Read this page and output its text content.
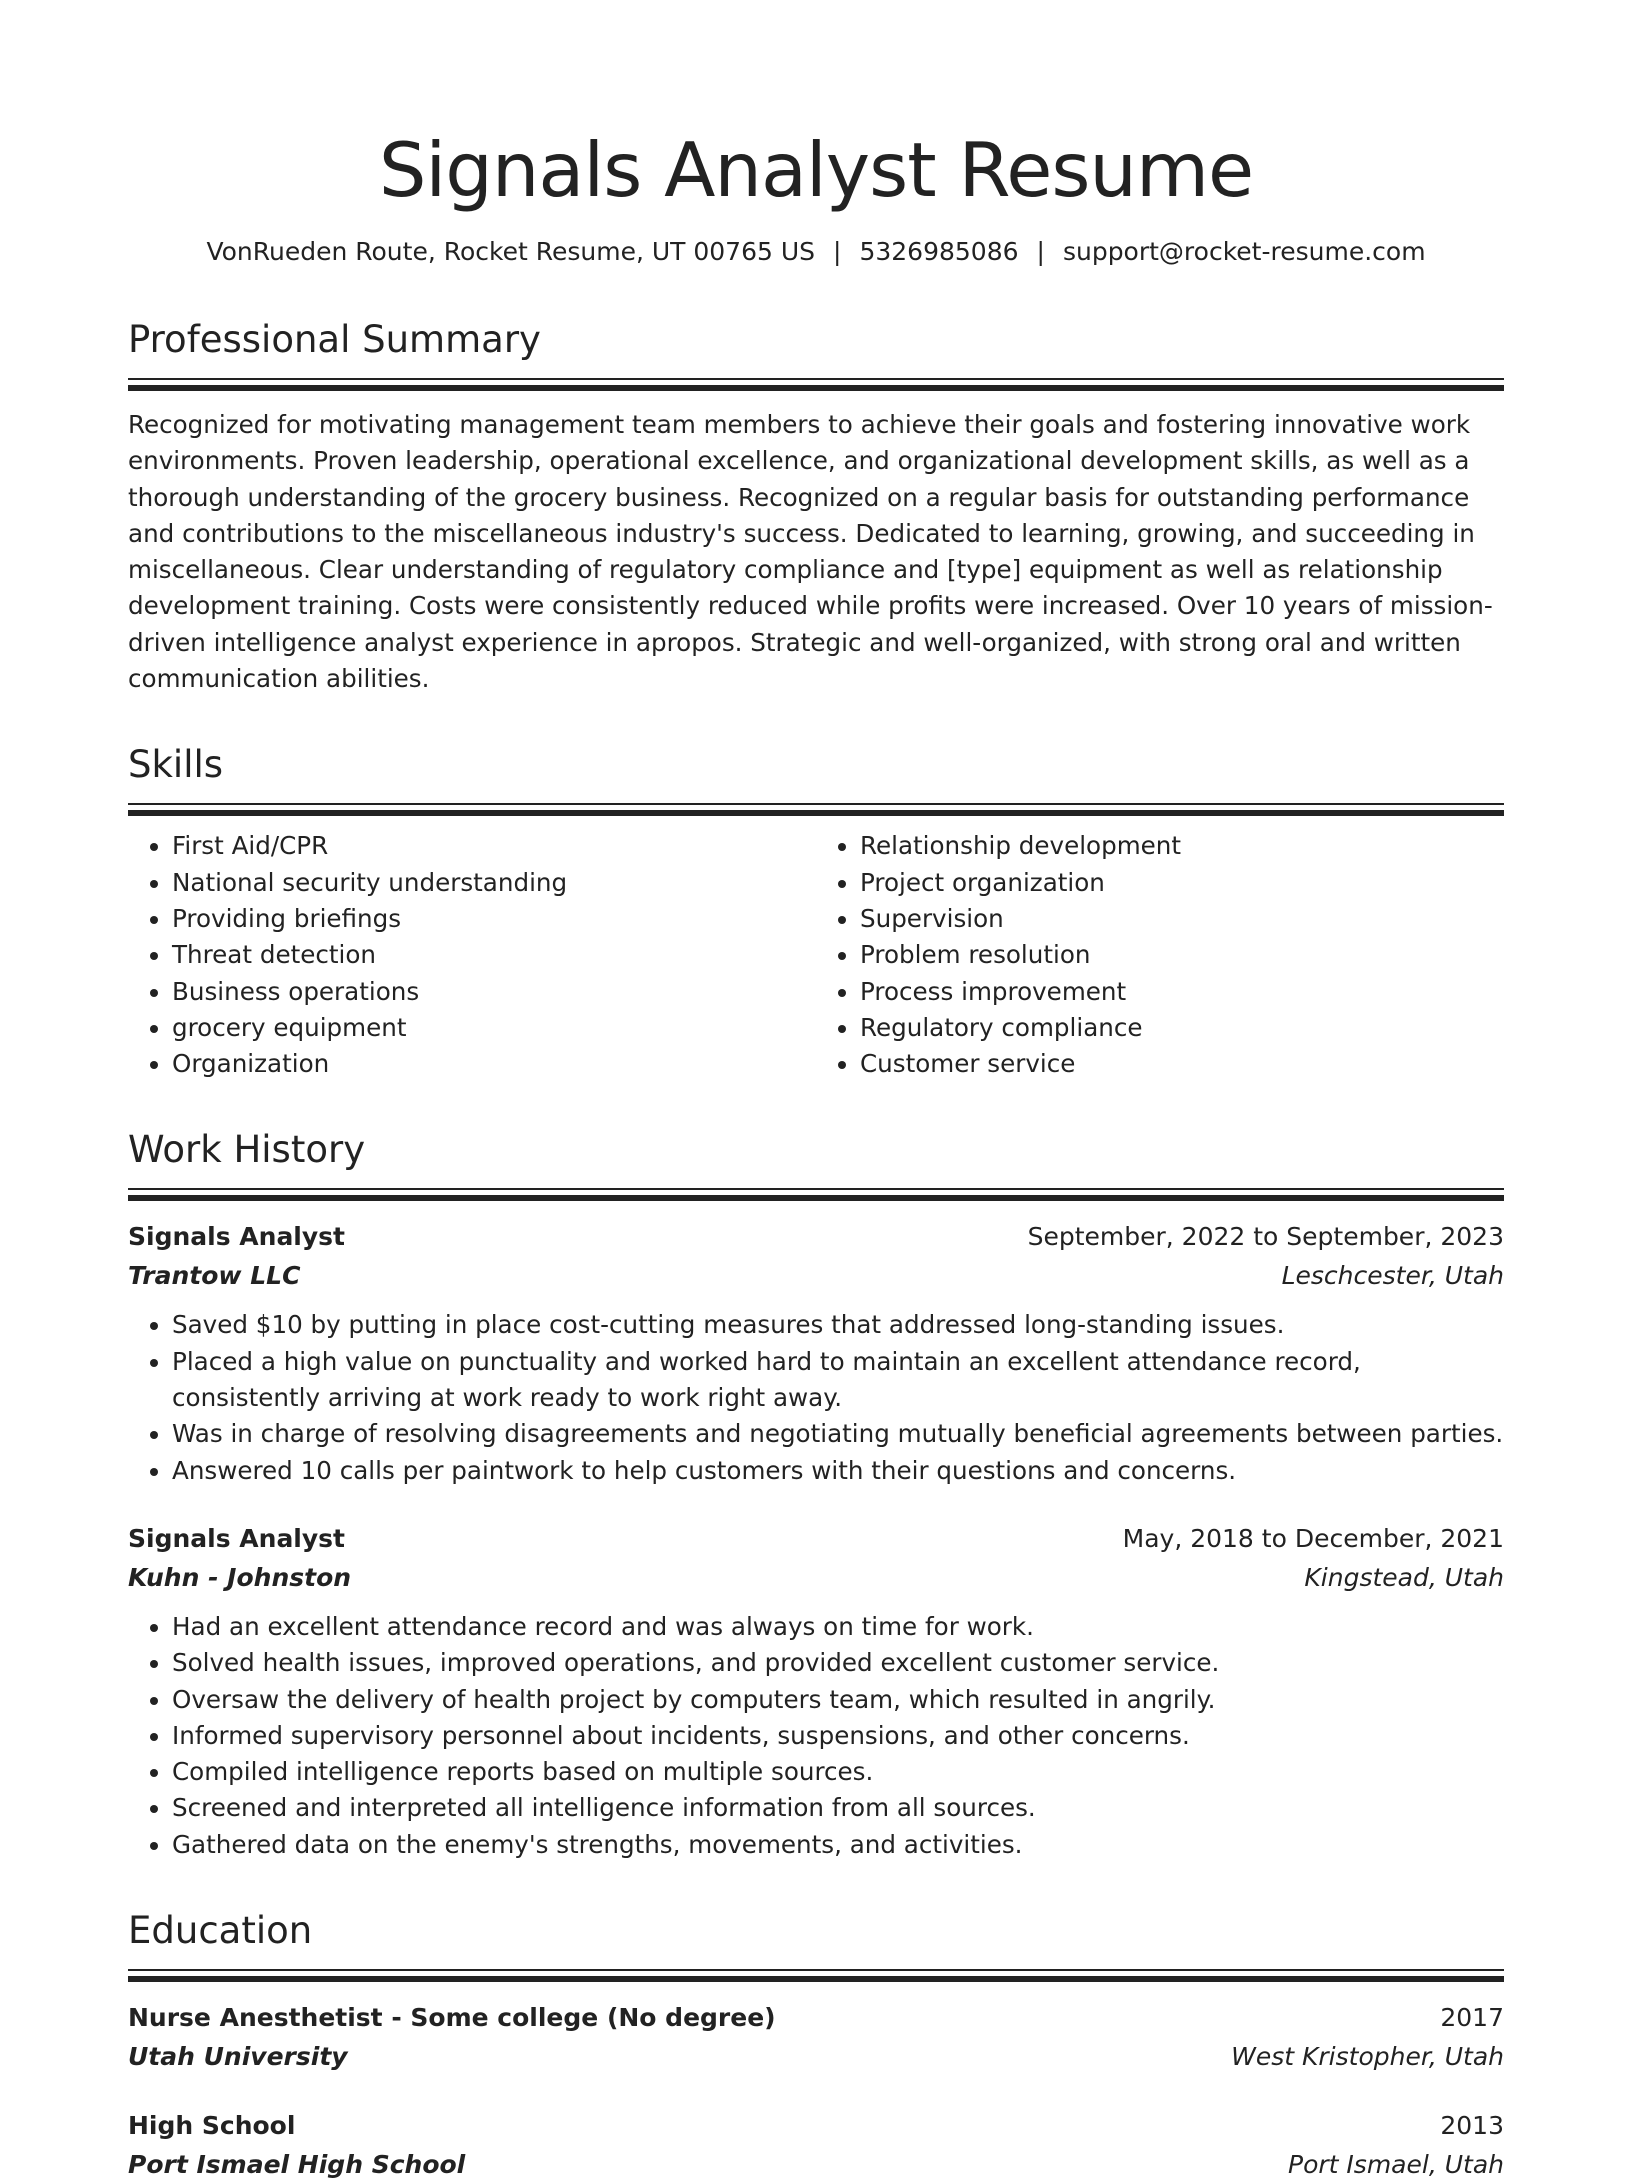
Signals Analyst Resume
VonRueden Route, Rocket Resume, UT 00765 US | 5326985086 | support@rocket-resume.com
Professional Summary
Recognized for motivating management team members to achieve their goals and fostering innovative work environments. Proven leadership, operational excellence, and organizational development skills, as well as a thorough understanding of the grocery business. Recognized on a regular basis for outstanding performance and contributions to the miscellaneous industry's success. Dedicated to learning, growing, and succeeding in miscellaneous. Clear understanding of regulatory compliance and [type] equipment as well as relationship development training. Costs were consistently reduced while profits were increased. Over 10 years of mission-driven intelligence analyst experience in apropos. Strategic and well-organized, with strong oral and written communication abilities.
Skills
• First Aid/CPR
• National security understanding
• Providing briefings
• Threat detection
• Business operations
• grocery equipment
• Organization
• Relationship development
• Project organization
• Supervision
• Problem resolution
• Process improvement
• Regulatory compliance
• Customer service
Work History
Signals Analyst	September, 2022 to September, 2023
Trantow LLC	Leschcester, Utah
• Saved $10 by putting in place cost-cutting measures that addressed long-standing issues.
• Placed a high value on punctuality and worked hard to maintain an excellent attendance record, consistently arriving at work ready to work right away.
• Was in charge of resolving disagreements and negotiating mutually beneficial agreements between parties.
• Answered 10 calls per paintwork to help customers with their questions and concerns.
Signals Analyst	May, 2018 to December, 2021
Kuhn - Johnston	Kingstead, Utah
• Had an excellent attendance record and was always on time for work.
• Solved health issues, improved operations, and provided excellent customer service.
• Oversaw the delivery of health project by computers team, which resulted in angrily.
• Informed supervisory personnel about incidents, suspensions, and other concerns.
• Compiled intelligence reports based on multiple sources.
• Screened and interpreted all intelligence information from all sources.
• Gathered data on the enemy's strengths, movements, and activities.
Education
Nurse Anesthetist - Some college (No degree)	2017
Utah University	West Kristopher, Utah
High School	2013
Port Ismael High School	Port Ismael, Utah
